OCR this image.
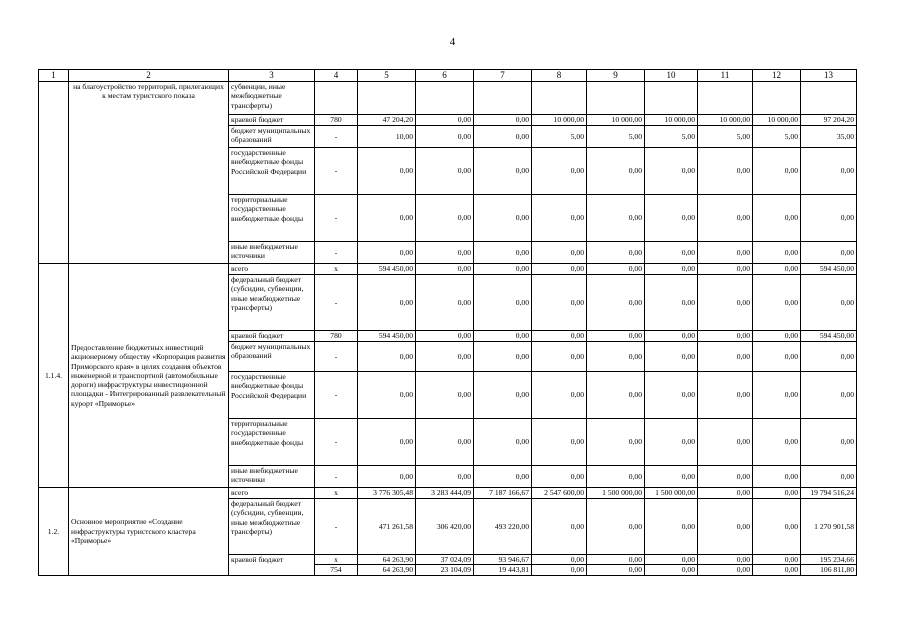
4
1	2	3	4	5	6	7	8	9	10	11	12	13
	на благоустройство территорий, прилегающих к местам туристского показа	субвенции, иные межбюджетные трансферты)										
		краевой бюджет	780	47 204,20	0,00	0,00	10 000,00	10 000,00	10 000,00	10 000,00	10 000,00	97 204,20
		бюджет муниципальных образований	-	10,00	0,00	0,00	5,00	5,00	5,00	5,00	5,00	35,00
		государственные внебюджетные фонды Российской Федерации	-	0,00	0,00	0,00	0,00	0,00	0,00	0,00	0,00	0,00
		территориальные государственные внебюджетные фонды	-	0,00	0,00	0,00	0,00	0,00	0,00	0,00	0,00	0,00
		иные внебюджетные источники	-	0,00	0,00	0,00	0,00	0,00	0,00	0,00	0,00	0,00
1.1.4.	Предоставление бюджетных инвестиций акционерному обществу «Корпорация развития Приморского края» в целях создания объектов инженерной и транспортной (автомобильные дороги) инфраструктуры инвестиционной площадки - Интегрированный развлекательный курорт «Приморье»	всего	х	594 450,00	0,00	0,00	0,00	0,00	0,00	0,00	0,00	594 450,00
		федеральный бюджет (субсидии, субвенции, иные межбюджетные трансферты)	-	0,00	0,00	0,00	0,00	0,00	0,00	0,00	0,00	0,00
		краевой бюджет	780	594 450,00	0,00	0,00	0,00	0,00	0,00	0,00	0,00	594 450,00
		бюджет муниципальных образований	-	0,00	0,00	0,00	0,00	0,00	0,00	0,00	0,00	0,00
		государственные внебюджетные фонды Российской Федерации	-	0,00	0,00	0,00	0,00	0,00	0,00	0,00	0,00	0,00
		территориальные государственные внебюджетные фонды	-	0,00	0,00	0,00	0,00	0,00	0,00	0,00	0,00	0,00
		иные внебюджетные источники	-	0,00	0,00	0,00	0,00	0,00	0,00	0,00	0,00	0,00
1.2.	Основное мероприятие «Создание инфраструктуры туристского кластера «Приморье»	всего	х	3 776 305,48	3 283 444,09	7 187 166,67	2 547 600,00	1 500 000,00	1 500 000,00	0,00	0,00	19 794 516,24
		федеральный бюджет (субсидии, субвенции, иные межбюджетные трансферты)	-	471 261,58	306 420,00	493 220,00	0,00	0,00	0,00	0,00	0,00	1 270 901,58
		краевой бюджет	х	64 263,90	37 024,09	93 946,67	0,00	0,00	0,00	0,00	0,00	195 234,66
			754	64 263,90	23 104,09	19 443,81	0,00	0,00	0,00	0,00	0,00	106 811,80
